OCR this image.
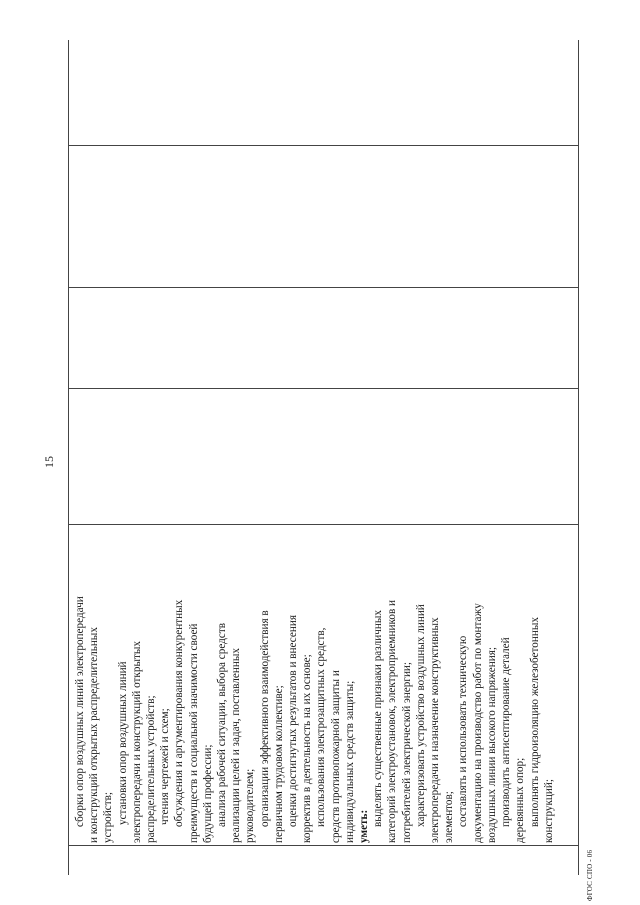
15
сборки опор воздушных линий электропередачи и конструкций открытых распределительных устройств; установки опор воздушных линий электропередачи и конструкций открытых распределительных устройств; чтения чертежей и схем; обсуждения и аргументирования конкурентных преимуществ и социальной значимости своей будущей профессии; анализа рабочей ситуации, выбора средств реализации целей и задач, поставленных руководителем; организации эффективного взаимодействия в первичном трудовом коллективе; оценки достигнутых результатов и внесения корректив в деятельность на их основе; использования электрозащитных средств, средств противопожарной защиты и индивидуальных средств защиты; уметь: выделять существенные признаки различных категорий электроустановок, электроприемников и потребителей электрической энергии; характеризовать устройство воздушных линий электропередачи и назначение конструктивных элементов; составлять и использовать техническую документацию на производство работ по монтажу воздушных линии высокого напряжения; производить антисептирование деталей деревянных опор; выполнять гидроизоляцию железобетонных конструкций;
ФГОС СПО - 06
